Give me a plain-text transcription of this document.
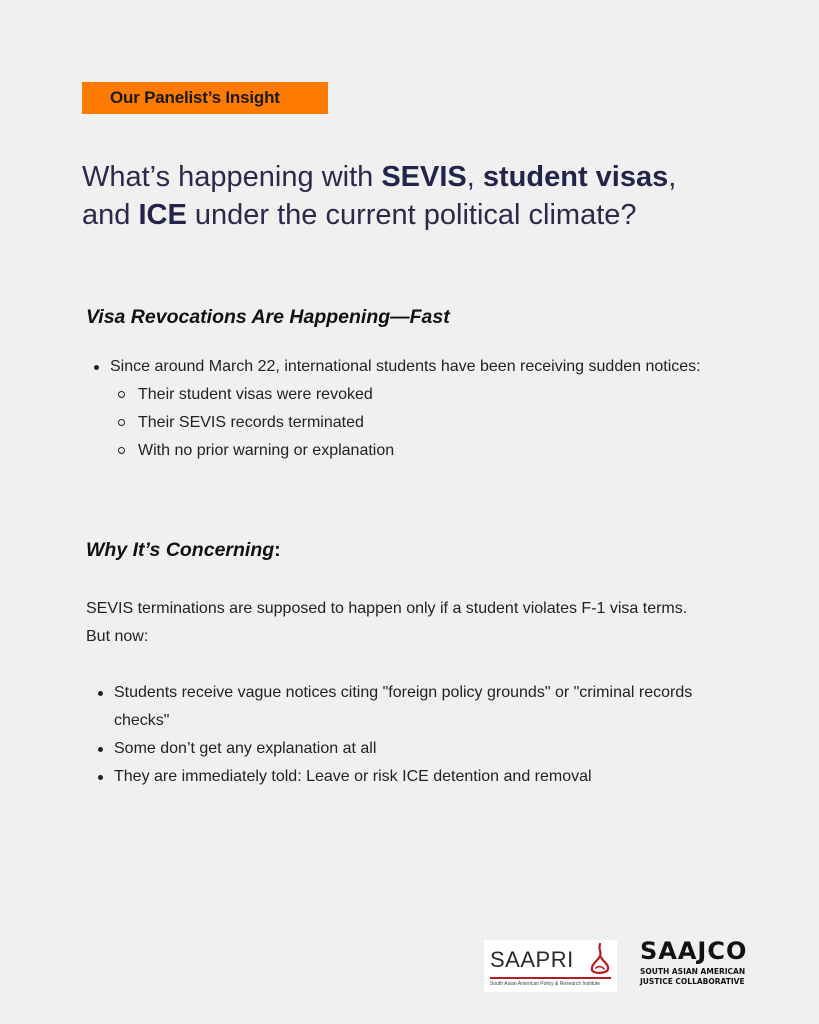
Our Panelist’s Insight
What’s happening with SEVIS, student visas,
and ICE under the current political climate?
Visa Revocations Are Happening—Fast
Since around March 22, international students have been receiving sudden notices:
Their student visas were revoked
Their SEVIS records terminated
With no prior warning or explanation
Why It’s Concerning:
SEVIS terminations are supposed to happen only if a student violates F-1 visa terms.
But now:
Students receive vague notices citing "foreign policy grounds" or "criminal records checks"
Some don’t get any explanation at all
They are immediately told: Leave or risk ICE detention and removal
SAAPRI
South Asian American Policy & Research Institute
SAAJCO
SOUTH ASIAN AMERICAN
JUSTICE COLLABORATIVE
